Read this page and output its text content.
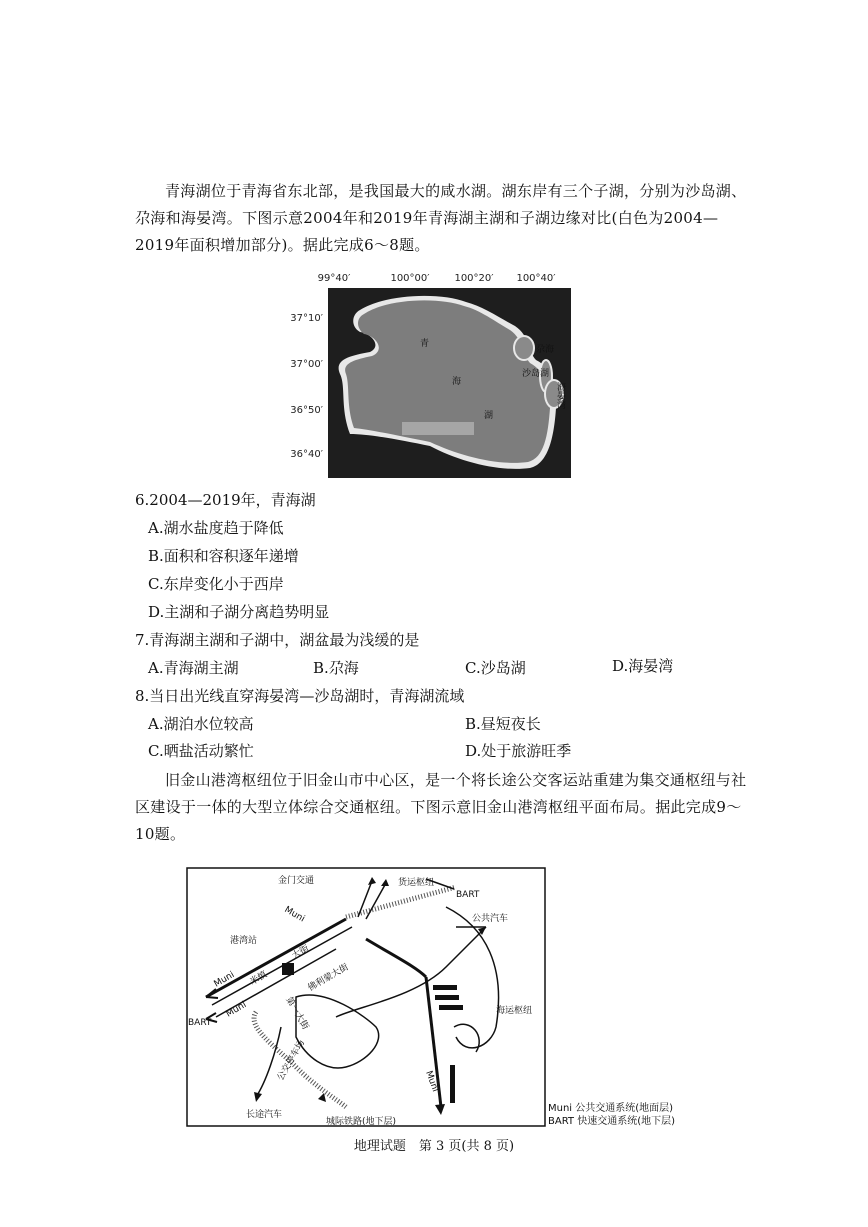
青海湖位于青海省东北部，是我国最大的咸水湖。湖东岸有三个子湖，分别为沙岛湖、尕海和海晏湾。下图示意2004年和2019年青海湖主湖和子湖边缘对比(白色为2004—2019年面积增加部分)。据此完成6～8题。
99°40′	100°00′ 100°20′ 100°40′
37°10′
37°00′
36°50′
36°40′
青
海
湖
尕海
沙岛湖
海晏湾
6.2004—2019年，青海湖
A.湖水盐度趋于降低
B.面积和容积逐年递增
C.东岸变化小于西岸
D.主湖和子湖分离趋势明显
7.青海湖主湖和子湖中，湖盆最为浅缓的是
A.青海湖主湖	B.尕海	C.沙岛湖	D.海晏湾
8.当日出光线直穿海晏湾—沙岛湖时，青海湖流域
A.湖泊水位较高	B.昼短夜长
C.晒盐活动繁忙	D.处于旅游旺季
旧金山港湾枢纽位于旧金山市中心区，是一个将长途公交客运站重建为集交通枢纽与社区建设于一体的大型立体综合交通枢纽。下图示意旧金山港湾枢纽平面布局。据此完成9～10题。
金门交通	货运枢纽
BART
公共汽车
Muni
港湾站
Muni
Muni
BART
大街
米慎	佛利蒙大街
第一大街	海运枢纽
公交停车场
长途汽车
城际铁路(地下层)
Muni
Muni 公共交通系统(地面层)
BART 快速交通系统(地下层)
地理试题　第 3 页(共 8 页)
